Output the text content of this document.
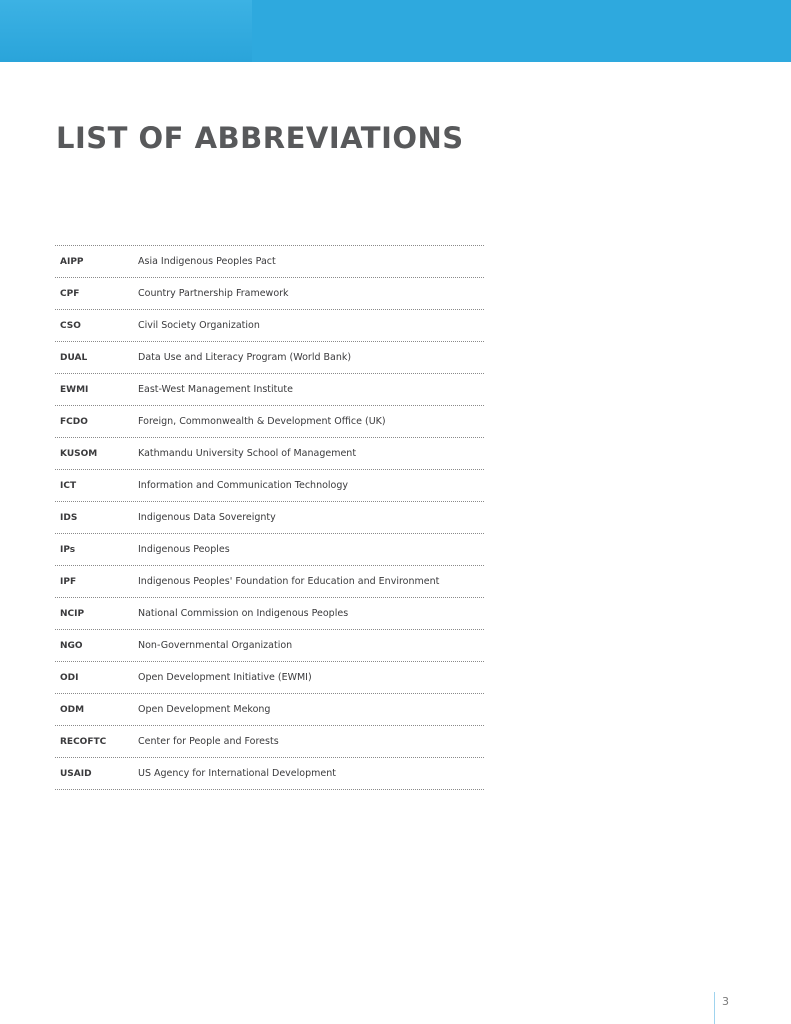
LIST OF ABBREVIATIONS
AIPP	Asia Indigenous Peoples Pact
CPF	Country Partnership Framework
CSO	Civil Society Organization
DUAL	Data Use and Literacy Program (World Bank)
EWMI	East-West Management Institute
FCDO	Foreign, Commonwealth & Development Office (UK)
KUSOM	Kathmandu University School of Management
ICT	Information and Communication Technology
IDS	Indigenous Data Sovereignty
IPs	Indigenous Peoples
IPF	Indigenous Peoples' Foundation for Education and Environment
NCIP	National Commission on Indigenous Peoples
NGO	Non-Governmental Organization
ODI	Open Development Initiative (EWMI)
ODM	Open Development Mekong
RECOFTC	Center for People and Forests
USAID	US Agency for International Development
3
